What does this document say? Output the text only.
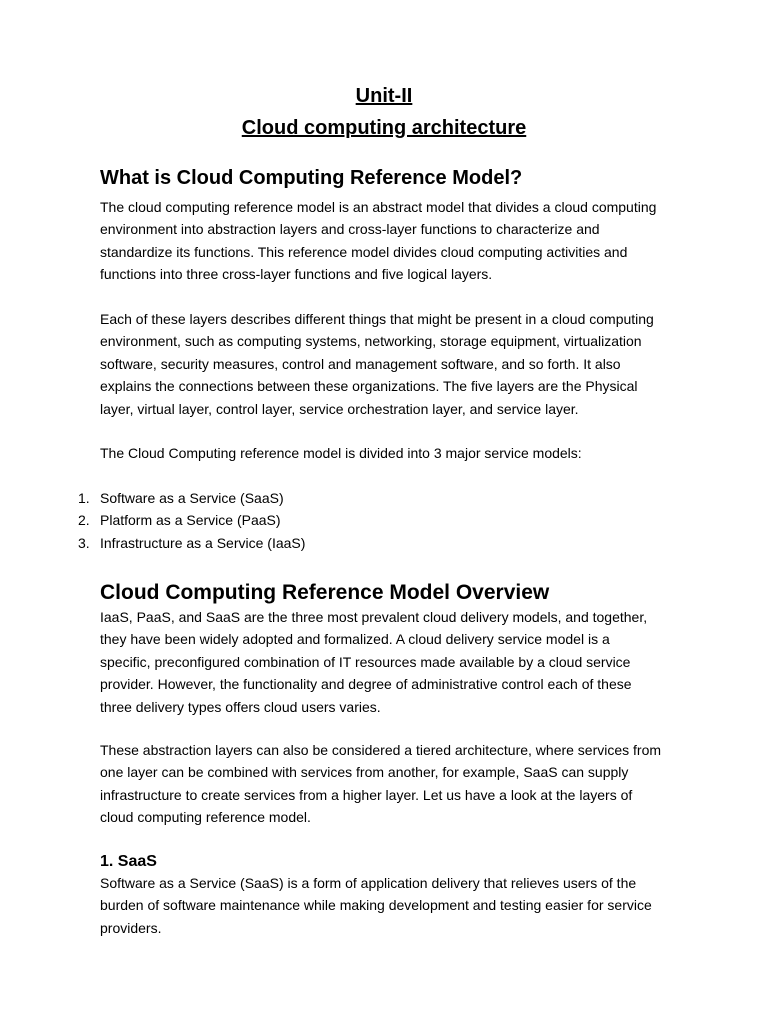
Unit-II
Cloud computing architecture
What is Cloud Computing Reference Model?
The cloud computing reference model is an abstract model that divides a cloud computing
environment into abstraction layers and cross-layer functions to characterize and
standardize its functions. This reference model divides cloud computing activities and
functions into three cross-layer functions and five logical layers.
Each of these layers describes different things that might be present in a cloud computing
environment, such as computing systems, networking, storage equipment, virtualization
software, security measures, control and management software, and so forth. It also
explains the connections between these organizations. The five layers are the Physical
layer, virtual layer, control layer, service orchestration layer, and service layer.
The Cloud Computing reference model is divided into 3 major service models:
1. Software as a Service (SaaS)
2. Platform as a Service (PaaS)
3. Infrastructure as a Service (IaaS)
Cloud Computing Reference Model Overview
IaaS, PaaS, and SaaS are the three most prevalent cloud delivery models, and together,
they have been widely adopted and formalized. A cloud delivery service model is a
specific, preconfigured combination of IT resources made available by a cloud service
provider. However, the functionality and degree of administrative control each of these
three delivery types offers cloud users varies.
These abstraction layers can also be considered a tiered architecture, where services from
one layer can be combined with services from another, for example, SaaS can supply
infrastructure to create services from a higher layer. Let us have a look at the layers of
cloud computing reference model.
1. SaaS
Software as a Service (SaaS) is a form of application delivery that relieves users of the
burden of software maintenance while making development and testing easier for service
providers.
